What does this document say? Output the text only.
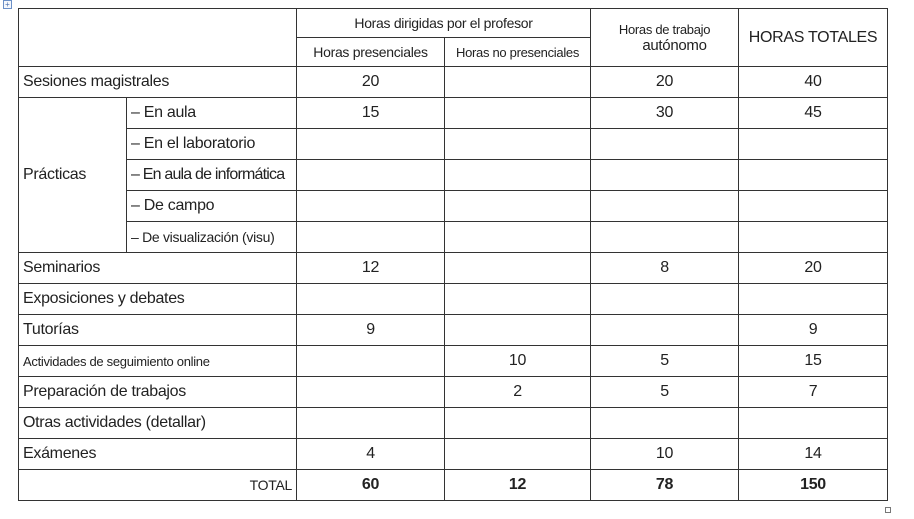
+
		Horas dirigidas por el profesor		Horas de trabajo
autónomo	HORAS TOTALES
		Horas presenciales	Horas no presenciales		
Sesiones magistrales		20		20	40
Prácticas	– En aula	15		30	45
	– En el laboratorio				
	– En aula de informática				
	– De campo				
	– De visualización (visu)				
Seminarios		12		8	20
Exposiciones y debates					
Tutorías		9			9
Actividades de seguimiento online			10	5	15
Preparación de trabajos			2	5	7
Otras actividades (detallar)					
Exámenes		4		10	14
TOTAL		60	12	78	150
